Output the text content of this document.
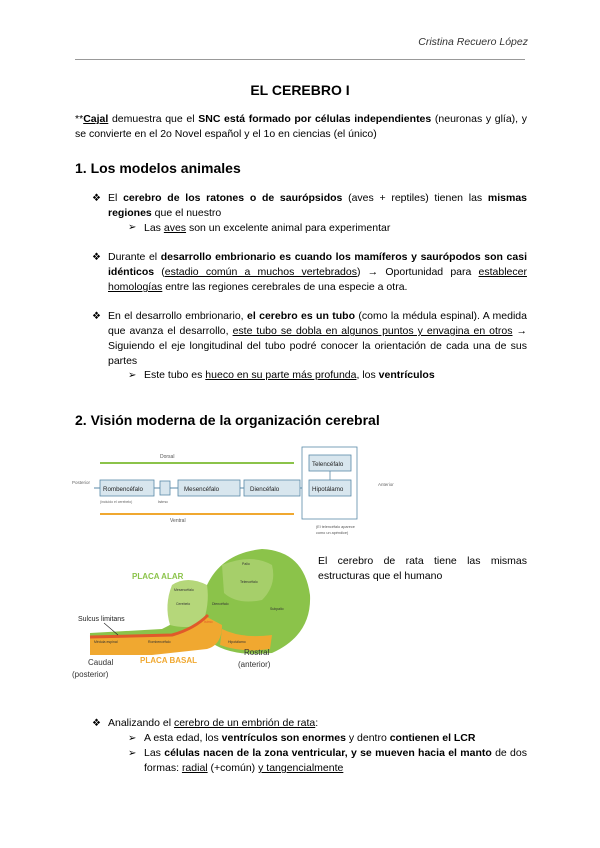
Cristina Recuero López
EL CEREBRO I
**Cajal demuestra que el SNC está formado por células independientes (neuronas y glía), y se convierte en el 2o Novel español y el 1o en ciencias (el único)
1. Los modelos animales
❖ El cerebro de los ratones o de saurópsidos (aves + reptiles) tienen las mismas regiones que el nuestro
➢ Las aves son un excelente animal para experimentar
❖ Durante el desarrollo embrionario es cuando los mamíferos y saurópodos son casi idénticos (estadio común a muchos vertebrados) → Oportunidad para establecer homologías entre las regiones cerebrales de una especie a otra.
❖ En el desarrollo embrionario, el cerebro es un tubo (como la médula espinal). A medida que avanza el desarrollo, este tubo se dobla en algunos puntos y envagina en otros → Siguiendo el eje longitudinal del tubo podré conocer la orientación de cada una de sus partes
➢ Este tubo es hueco en su parte más profunda, los ventrículos
2. Visión moderna de la organización cerebral
Dorsal
Ventral
Posterior	Anterior
Rombencéfalo
(incluido el cerebelo)	Istmo
Mesencéfalo	Diencéfalo
Telencéfalo
Hipotálamo
(El telencéfalo aparece
como un apéndice)
PLACA ALAR
PLACA BASAL
Sulcus limitans
Cerebelo
Mesencéfalo
Diencéfalo
Telencéfalo
Palio
Subpalio
Hipotálamo
Istmo
Médula espinal	Rombencéfalo
Caudal
(posterior)
Rostral
(anterior)
El cerebro de rata tiene las mismas estructuras que el humano
❖ Analizando el cerebro de un embrión de rata:
➢ A esta edad, los ventrículos son enormes y dentro contienen el LCR
➢ Las células nacen de la zona ventricular, y se mueven hacia el manto de dos formas: radial (+común) y tangencialmente
